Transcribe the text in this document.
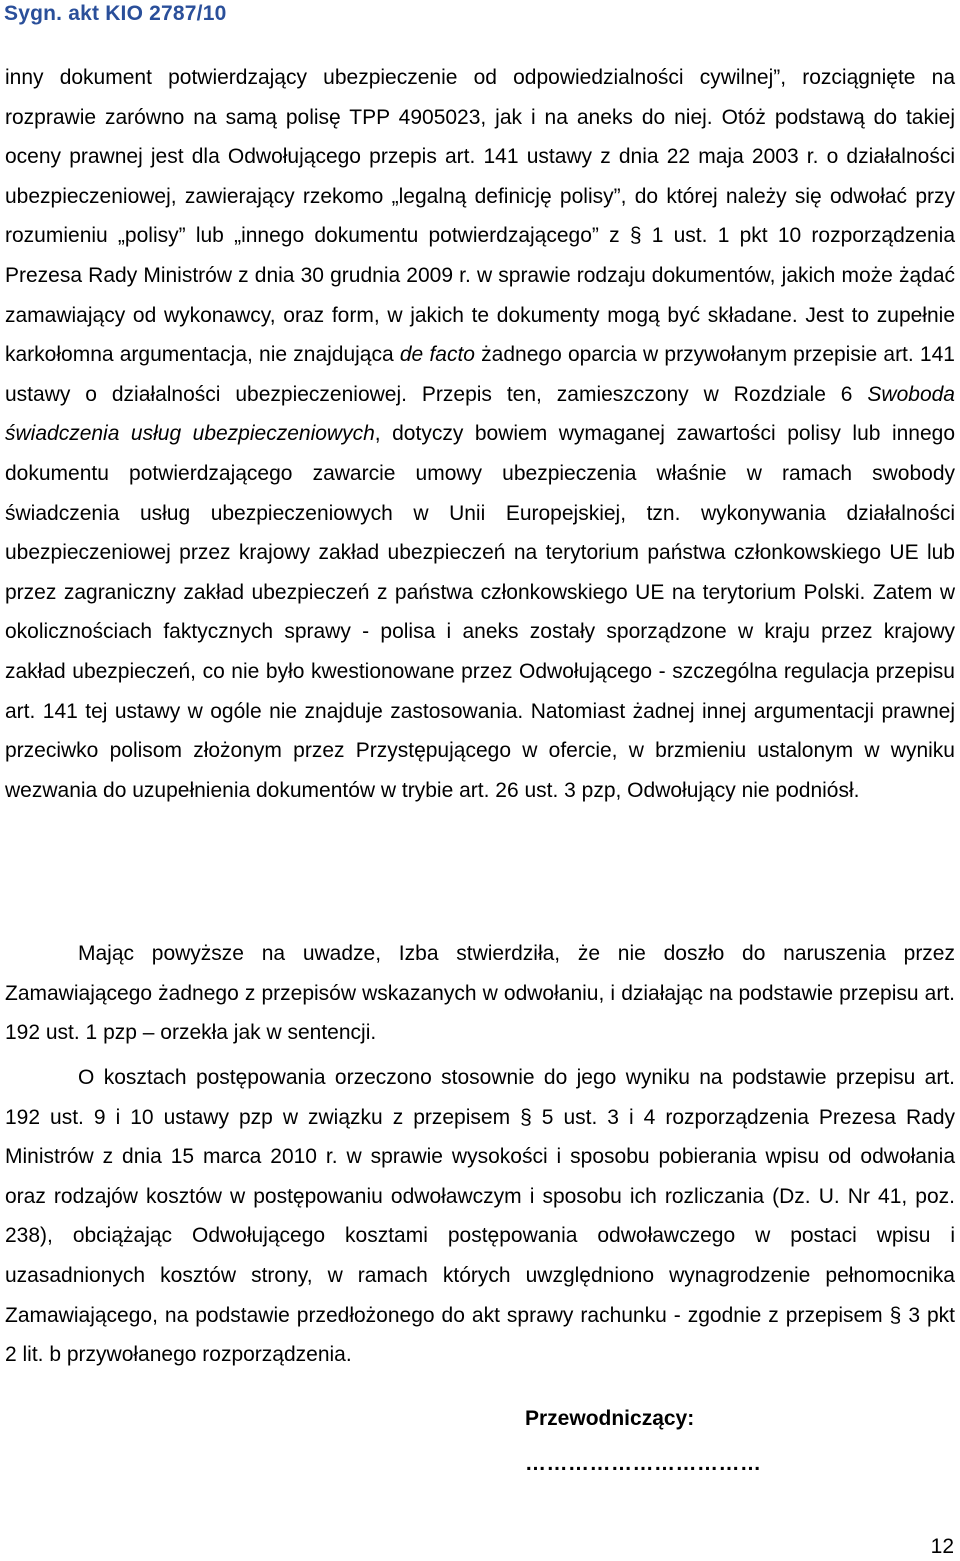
Sygn. akt KIO 2787/10

inny dokument potwierdzający ubezpieczenie od odpowiedzialności cywilnej”, rozciągnięte na rozprawie zarówno na samą polisę TPP 4905023, jak i na aneks do niej. Otóż podstawą do takiej oceny prawnej jest dla Odwołującego przepis art. 141 ustawy z dnia 22 maja 2003 r. o działalności ubezpieczeniowej, zawierający rzekomo „legalną definicję polisy”, do której należy się odwołać przy rozumieniu „polisy” lub „innego dokumentu potwierdzającego” z § 1 ust. 1 pkt 10 rozporządzenia Prezesa Rady Ministrów z dnia 30 grudnia 2009 r. w sprawie rodzaju dokumentów, jakich może żądać zamawiający od wykonawcy, oraz form, w jakich te dokumenty mogą być składane. Jest to zupełnie karkołomna argumentacja, nie znajdująca de facto żadnego oparcia w przywołanym przepisie art. 141 ustawy o działalności ubezpieczeniowej. Przepis ten, zamieszczony w Rozdziale 6 Swoboda świadczenia usług ubezpieczeniowych, dotyczy bowiem wymaganej zawartości polisy lub innego dokumentu potwierdzającego zawarcie umowy ubezpieczenia właśnie w ramach swobody świadczenia usług ubezpieczeniowych w Unii Europejskiej, tzn. wykonywania działalności ubezpieczeniowej przez krajowy zakład ubezpieczeń na terytorium państwa członkowskiego UE lub przez zagraniczny zakład ubezpieczeń z państwa członkowskiego UE na terytorium Polski. Zatem w okolicznościach faktycznych sprawy - polisa i aneks zostały sporządzone w kraju przez krajowy zakład ubezpieczeń, co nie było kwestionowane przez Odwołującego - szczególna regulacja przepisu art. 141 tej ustawy w ogóle nie znajduje zastosowania. Natomiast żadnej innej argumentacji prawnej przeciwko polisom złożonym przez Przystępującego w ofercie, w brzmieniu ustalonym w wyniku wezwania do uzupełnienia dokumentów w trybie art. 26 ust. 3 pzp, Odwołujący nie podniósł.

Mając powyższe na uwadze, Izba stwierdziła, że nie doszło do naruszenia przez Zamawiającego żadnego z przepisów wskazanych w odwołaniu, i działając na podstawie przepisu art. 192 ust. 1 pzp – orzekła jak w sentencji.

O kosztach postępowania orzeczono stosownie do jego wyniku na podstawie przepisu art. 192 ust. 9 i 10 ustawy pzp w związku z przepisem § 5 ust. 3 i 4 rozporządzenia Prezesa Rady Ministrów z dnia 15 marca 2010 r. w sprawie wysokości i sposobu pobierania wpisu od odwołania oraz rodzajów kosztów w postępowaniu odwoławczym i sposobu ich rozliczania (Dz. U. Nr 41, poz. 238), obciążając Odwołującego kosztami postępowania odwoławczego w postaci wpisu i uzasadnionych kosztów strony, w ramach których uwzględniono wynagrodzenie pełnomocnika Zamawiającego, na podstawie przedłożonego do akt sprawy rachunku - zgodnie z przepisem § 3 pkt 2 lit. b przywołanego rozporządzenia.

Przewodniczący:
……………………………
12
